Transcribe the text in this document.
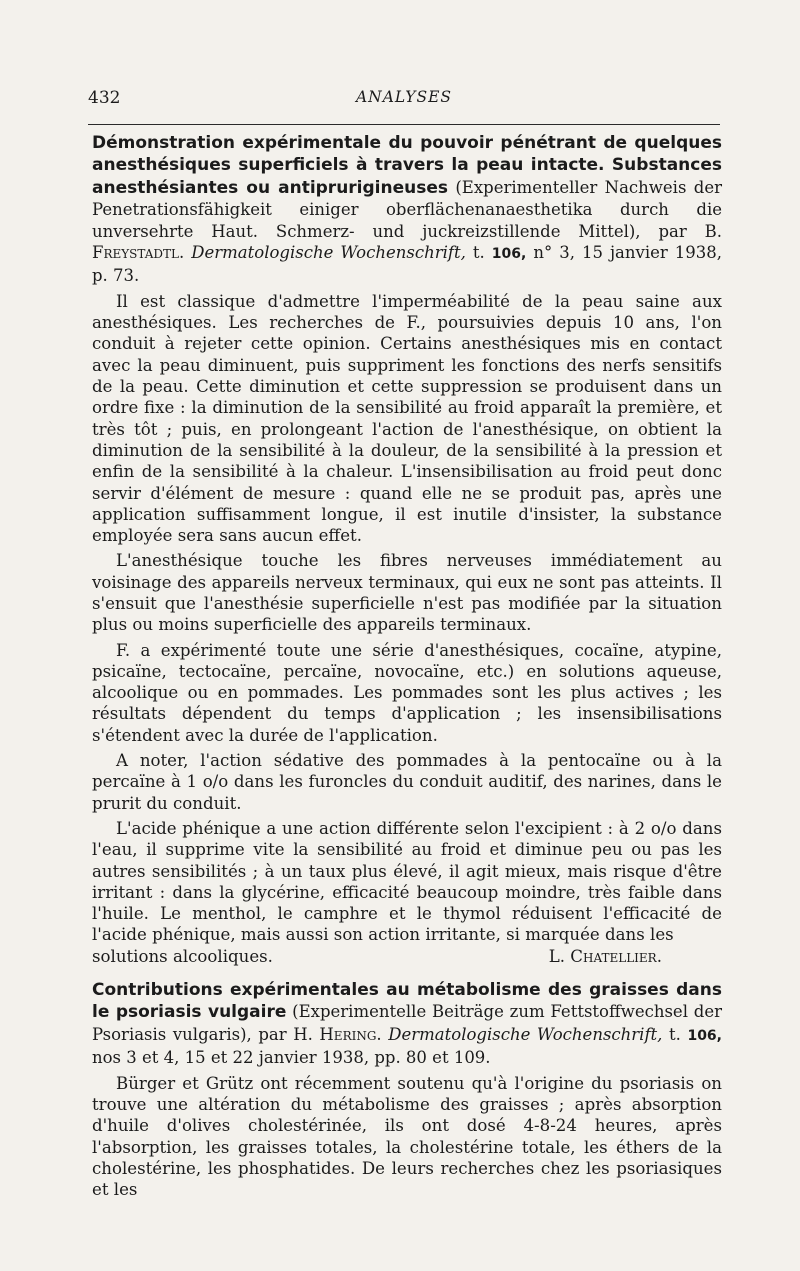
432	ANALYSES

Démonstration expérimentale du pouvoir pénétrant de quelques anesthésiques superficiels à travers la peau intacte. Substances anesthésiantes ou antiprurigineuses (Experimenteller Nachweis der Penetrationsfähigkeit einiger oberflächenanaesthetika durch die unversehrte Haut. Schmerz- und juckreizstillende Mittel), par B. Freystadtl. Dermatologische Wochenschrift, t. 106, n° 3, 15 janvier 1938, p. 73.

Il est classique d'admettre l'imperméabilité de la peau saine aux anesthésiques. Les recherches de F., poursuivies depuis 10 ans, l'on conduit à rejeter cette opinion. Certains anesthésiques mis en contact avec la peau diminuent, puis suppriment les fonctions des nerfs sensitifs de la peau. Cette diminution et cette suppression se produisent dans un ordre fixe : la diminution de la sensibilité au froid apparaît la première, et très tôt ; puis, en prolongeant l'action de l'anesthésique, on obtient la diminution de la sensibilité à la douleur, de la sensibilité à la pression et enfin de la sensibilité à la chaleur. L'insensibilisation au froid peut donc servir d'élément de mesure : quand elle ne se produit pas, après une application suffisamment longue, il est inutile d'insister, la substance employée sera sans aucun effet.

L'anesthésique touche les fibres nerveuses immédiatement au voisinage des appareils nerveux terminaux, qui eux ne sont pas atteints. Il s'ensuit que l'anesthésie superficielle n'est pas modifiée par la situation plus ou moins superficielle des appareils terminaux.

F. a expérimenté toute une série d'anesthésiques, cocaïne, atypine, psicaïne, tectocaïne, percaïne, novocaïne, etc.) en solutions aqueuse, alcoolique ou en pommades. Les pommades sont les plus actives ; les résultats dépendent du temps d'application ; les insensibilisations s'étendent avec la durée de l'application.

A noter, l'action sédative des pommades à la pentocaïne ou à la percaïne à 1 o/o dans les furoncles du conduit auditif, des narines, dans le prurit du conduit.

L'acide phénique a une action différente selon l'excipient : à 2 o/o dans l'eau, il supprime vite la sensibilité au froid et diminue peu ou pas les autres sensibilités ; à un taux plus élevé, il agit mieux, mais risque d'être irritant : dans la glycérine, efficacité beaucoup moindre, très faible dans l'huile. Le menthol, le camphre et le thymol réduisent l'efficacité de l'acide phénique, mais aussi son action irritante, si marquée dans les

solutions alcooliques.	L. Chatellier.

Contributions expérimentales au métabolisme des graisses dans le psoriasis vulgaire (Experimentelle Beiträge zum Fettstoffwechsel der Psoriasis vulgaris), par H. Hering. Dermatologische Wochenschrift, t. 106, nos 3 et 4, 15 et 22 janvier 1938, pp. 80 et 109.

Bürger et Grütz ont récemment soutenu qu'à l'origine du psoriasis on trouve une altération du métabolisme des graisses ; après absorption d'huile d'olives cholestérinée, ils ont dosé 4-8-24 heures, après l'absorption, les graisses totales, la cholestérine totale, les éthers de la cholestérine, les phosphatides. De leurs recherches chez les psoriasiques et les
